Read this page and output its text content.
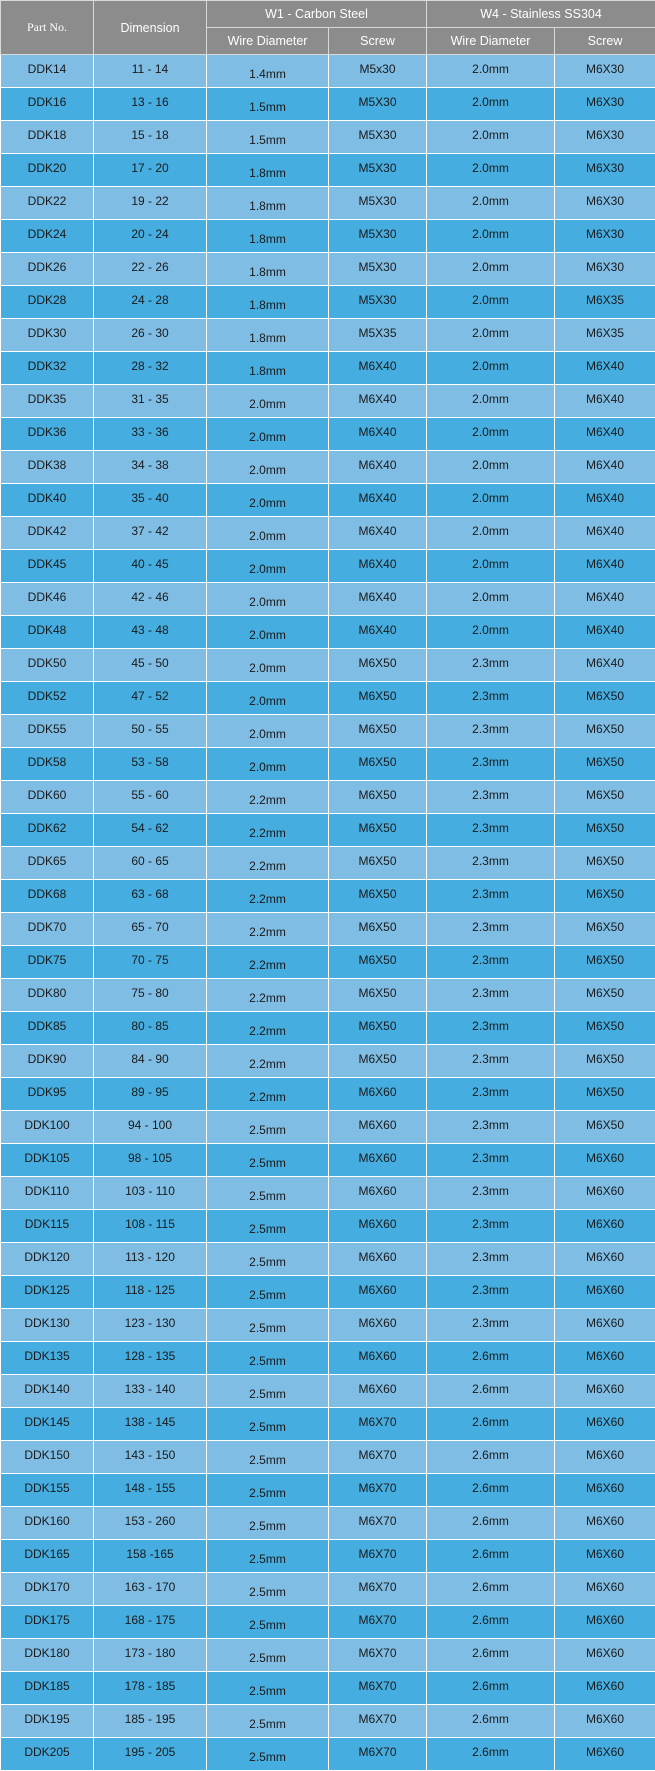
Part No.	Dimension	W1 - Carbon Steel		W4 - Stainless SS304	
		Wire Diameter	Screw	Wire Diameter	Screw
DDK14	11 - 14	1.4mm	M5x30	2.0mm	M6X30
DDK16	13 - 16	1.5mm	M5X30	2.0mm	M6X30
DDK18	15 - 18	1.5mm	M5X30	2.0mm	M6X30
DDK20	17 - 20	1.8mm	M5X30	2.0mm	M6X30
DDK22	19 - 22	1.8mm	M5X30	2.0mm	M6X30
DDK24	20 - 24	1.8mm	M5X30	2.0mm	M6X30
DDK26	22 - 26	1.8mm	M5X30	2.0mm	M6X30
DDK28	24 - 28	1.8mm	M5X30	2.0mm	M6X35
DDK30	26 - 30	1.8mm	M5X35	2.0mm	M6X35
DDK32	28 - 32	1.8mm	M6X40	2.0mm	M6X40
DDK35	31 - 35	2.0mm	M6X40	2.0mm	M6X40
DDK36	33 - 36	2.0mm	M6X40	2.0mm	M6X40
DDK38	34 - 38	2.0mm	M6X40	2.0mm	M6X40
DDK40	35 - 40	2.0mm	M6X40	2.0mm	M6X40
DDK42	37 - 42	2.0mm	M6X40	2.0mm	M6X40
DDK45	40 - 45	2.0mm	M6X40	2.0mm	M6X40
DDK46	42 - 46	2.0mm	M6X40	2.0mm	M6X40
DDK48	43 - 48	2.0mm	M6X40	2.0mm	M6X40
DDK50	45 - 50	2.0mm	M6X50	2.3mm	M6X40
DDK52	47 - 52	2.0mm	M6X50	2.3mm	M6X50
DDK55	50 - 55	2.0mm	M6X50	2.3mm	M6X50
DDK58	53 - 58	2.0mm	M6X50	2.3mm	M6X50
DDK60	55 - 60	2.2mm	M6X50	2.3mm	M6X50
DDK62	54 - 62	2.2mm	M6X50	2.3mm	M6X50
DDK65	60 - 65	2.2mm	M6X50	2.3mm	M6X50
DDK68	63 - 68	2.2mm	M6X50	2.3mm	M6X50
DDK70	65 - 70	2.2mm	M6X50	2.3mm	M6X50
DDK75	70 - 75	2.2mm	M6X50	2.3mm	M6X50
DDK80	75 - 80	2.2mm	M6X50	2.3mm	M6X50
DDK85	80 - 85	2.2mm	M6X50	2.3mm	M6X50
DDK90	84 - 90	2.2mm	M6X50	2.3mm	M6X50
DDK95	89 - 95	2.2mm	M6X60	2.3mm	M6X50
DDK100	94 - 100	2.5mm	M6X60	2.3mm	M6X50
DDK105	98 - 105	2.5mm	M6X60	2.3mm	M6X60
DDK110	103 - 110	2.5mm	M6X60	2.3mm	M6X60
DDK115	108 - 115	2.5mm	M6X60	2.3mm	M6X60
DDK120	113 - 120	2.5mm	M6X60	2.3mm	M6X60
DDK125	118 - 125	2.5mm	M6X60	2.3mm	M6X60
DDK130	123 - 130	2.5mm	M6X60	2.3mm	M6X60
DDK135	128 - 135	2.5mm	M6X60	2.6mm	M6X60
DDK140	133 - 140	2.5mm	M6X60	2.6mm	M6X60
DDK145	138 - 145	2.5mm	M6X70	2.6mm	M6X60
DDK150	143 - 150	2.5mm	M6X70	2.6mm	M6X60
DDK155	148 - 155	2.5mm	M6X70	2.6mm	M6X60
DDK160	153 - 260	2.5mm	M6X70	2.6mm	M6X60
DDK165	158 -165	2.5mm	M6X70	2.6mm	M6X60
DDK170	163 - 170	2.5mm	M6X70	2.6mm	M6X60
DDK175	168 - 175	2.5mm	M6X70	2.6mm	M6X60
DDK180	173 - 180	2.5mm	M6X70	2.6mm	M6X60
DDK185	178 - 185	2.5mm	M6X70	2.6mm	M6X60
DDK195	185 - 195	2.5mm	M6X70	2.6mm	M6X60
DDK205	195 - 205	2.5mm	M6X70	2.6mm	M6X60
